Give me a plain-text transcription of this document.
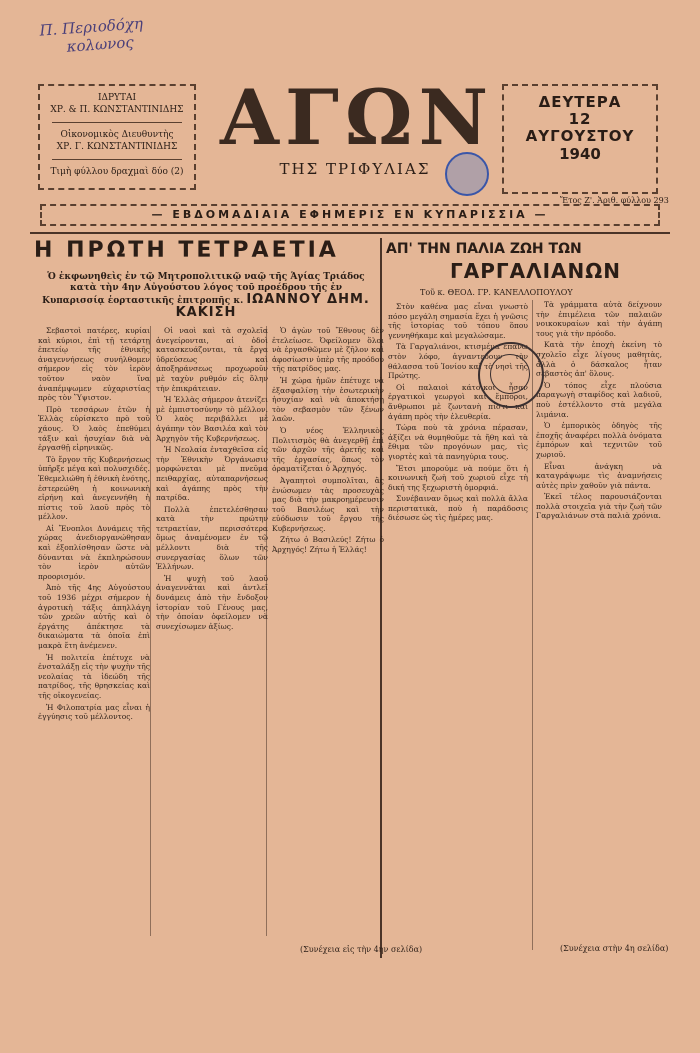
Π. Περιοδόχη
κολωνος
ΙΔΡΥΤΑΙ
ΧΡ. & Π. ΚΩΝΣΤΑΝΤΙΝΙΔΗΣ
Οἰκονομικὸς Διευθυντὴς
ΧΡ. Γ. ΚΩΝΣΤΑΝΤΙΝΙΔΗΣ
Τιμὴ φύλλου δραχμαὶ δύο (2)
ΑΓΩΝ
ΤΗΣ ΤΡΙΦΥΛΙΑΣ
ΔΕΥΤΕΡΑ
12
ΑΥΓΟΥΣΤΟΥ
1940
Ἔτος Ζ'. Ἀριθ. φύλλου 293
— ΕΒΔΟΜΑΔΙΑΙΑ ΕΦΗΜΕΡΙΣ ΕΝ ΚΥΠΑΡΙΣΣΙΑ —
Η ΠΡΩΤΗ ΤΕΤΡΑΕΤΙΑ
Ὁ ἐκφωνηθεὶς ἐν τῷ Μητροπολιτικῷ ναῷ τῆς Ἁγίας Τριάδος κατὰ τὴν 4ην Αὐγούστου λόγος τοῦ προέδρου τῆς ἐν Κυπαρισσίᾳ ἑορταστικῆς ἐπιτροπῆς κ. ΙΩΑΝΝΟΥ ΔΗΜ. ΚΑΚΙΣΗ
ΑΠ' ΤΗΝ ΠΑΛΙΑ ΖΩΗ ΤΩΝ
ΓΑΡΓΑΛΙΑΝΩΝ
Τοῦ κ. ΘΕΟΔ. ΓΡ. ΚΑΝΕΛΛΟΠΟΥΛΟΥ

Σεβαστοὶ πατέρες, κυρίαι καὶ κύριοι, ἐπὶ τῇ τετάρτῃ ἐπετείῳ τῆς ἐθνικῆς ἀναγεννήσεως συνήλθομεν σήμερον εἰς τὸν ἱερὸν τοῦτον ναὸν ἵνα ἀναπέμψωμεν εὐχαριστίας πρὸς τὸν Ὕψιστον.

Πρὸ τεσσάρων ἐτῶν ἡ Ἑλλὰς εὑρίσκετο πρὸ τοῦ χάους. Ὁ λαὸς ἐπεθύμει τάξιν καὶ ἡσυχίαν διὰ νὰ ἐργασθῇ εἰρηνικῶς.

Τὸ ἔργον τῆς Κυβερνήσεως ὑπῆρξε μέγα καὶ πολυσχιδές. Ἐθεμελιώθη ἡ ἐθνικὴ ἑνότης, ἐστερεώθη ἡ κοινωνικὴ εἰρήνη καὶ ἀνεγεννήθη ἡ πίστις τοῦ λαοῦ πρὸς τὸ μέλλον.

Αἱ Ἔνοπλοι Δυνάμεις τῆς χώρας ἀνεδιοργανώθησαν καὶ ἐξοπλίσθησαν ὥστε νὰ δύνανται νὰ ἐκπληρώσουν τὸν ἱερὸν αὐτῶν προορισμόν.

Ἀπὸ τῆς 4ης Αὐγούστου τοῦ 1936 μέχρι σήμερον ἡ ἀγροτικὴ τάξις ἀπηλλάγη τῶν χρεῶν αὐτῆς καὶ ὁ ἐργάτης ἀπέκτησε τὰ δικαιώματα τὰ ὁποῖα ἐπὶ μακρὰ ἔτη ἀνέμενεν.

Ἡ πολιτεία ἐπέτυχε νὰ ἐνσταλάξῃ εἰς τὴν ψυχὴν τῆς νεολαίας τὰ ἰδεώδη τῆς πατρίδος, τῆς θρησκείας καὶ τῆς οἰκογενείας.

Ἡ Φιλοπατρία μας εἶναι ἡ ἐγγύησις τοῦ μέλλοντος.

Οἱ ναοὶ καὶ τὰ σχολεῖα ἀνεγείρονται, αἱ ὁδοὶ κατασκευάζονται, τὰ ἔργα ὑδρεύσεως καὶ ἀποξηράνσεως προχωροῦν μὲ ταχὺν ρυθμόν εἰς ὅλην τὴν ἐπικράτειαν.

Ἡ Ἑλλὰς σήμερον ἀτενίζει μὲ ἐμπιστοσύνην τὸ μέλλον. Ὁ λαὸς περιβάλλει μὲ ἀγάπην τὸν Βασιλέα καὶ τὸν Ἀρχηγὸν τῆς Κυβερνήσεως.

Ἡ Νεολαία ἐνταχθεῖσα εἰς τὴν Ἐθνικὴν Ὀργάνωσιν μορφώνεται μὲ πνεῦμα πειθαρχίας, αὐταπαρνήσεως καὶ ἀγάπης πρὸς τὴν πατρίδα.

Πολλὰ ἐπετελέσθησαν κατὰ τὴν πρώτην τετραετίαν, περισσότερα ὅμως ἀναμένομεν ἐν τῷ μέλλοντι διὰ τῆς συνεργασίας ὅλων τῶν Ἑλλήνων.

Ἡ ψυχὴ τοῦ λαοῦ ἀναγεννᾶται καὶ ἀντλεῖ δυνάμεις ἀπὸ τὴν ἔνδοξον ἱστορίαν τοῦ Γένους μας, τὴν ὁποίαν ὀφείλομεν νὰ συνεχίσωμεν ἀξίως.

Ὁ ἀγὼν τοῦ Ἔθνους δὲν ἐτελείωσε. Ὀφείλομεν ὅλοι νὰ ἐργασθῶμεν μὲ ζῆλον καὶ ἀφοσίωσιν ὑπὲρ τῆς προόδου τῆς πατρίδος μας.

Ἡ χώρα ἡμῶν ἐπέτυχε νὰ ἐξασφαλίσῃ τὴν ἐσωτερικὴν ἡσυχίαν καὶ νὰ ἀποκτήσῃ τὸν σεβασμὸν τῶν ξένων λαῶν.

Ὁ νέος Ἑλληνικὸς Πολιτισμὸς θὰ ἀνεγερθῇ ἐπὶ τῶν ἀρχῶν τῆς ἀρετῆς καὶ τῆς ἐργασίας, ὅπως τὸν ὀραματίζεται ὁ Ἀρχηγός.

Ἀγαπητοὶ συμπολῖται, ἂς ἑνώσωμεν τὰς προσευχὰς μας διὰ τὴν μακροημέρευσιν τοῦ Βασιλέως καὶ τὴν εὐόδωσιν τοῦ ἔργου τῆς Κυβερνήσεως.

Ζήτω ὁ Βασιλεύς! Ζήτω ὁ Ἀρχηγός! Ζήτω ἡ Ἑλλάς!

(Συνέχεια εἰς τὴν 4ην σελίδα)

Στὸν καθένα μας εἶναι γνωστὸ πόσο μεγάλη σημασία ἔχει ἡ γνῶσις τῆς ἱστορίας τοῦ τόπου ὅπου γεννηθήκαμε καὶ μεγαλώσαμε.

Τὰ Γαργαλιάνοι, κτισμένα ἐπάνω στὸν λόφο, ἀγναντεύουν τὴν θάλασσα τοῦ Ἰονίου καὶ τὸ νησὶ τῆς Πρώτης.

Οἱ παλαιοὶ κάτοικοι ἦσαν ἐργατικοὶ γεωργοὶ καὶ ἔμποροι, ἄνθρωποι μὲ ζωντανὴ πίστι καὶ ἀγάπη πρὸς τὴν ἐλευθερία.

Τώρα ποὺ τὰ χρόνια πέρασαν, ἀξίζει νὰ θυμηθοῦμε τὰ ἤθη καὶ τὰ ἔθιμα τῶν προγόνων μας, τὶς γιορτὲς καὶ τὰ πανηγύρια τους.

Ἔτσι μπορούμε νὰ πούμε ὅτι ἡ κοινωνικὴ ζωὴ τοῦ χωριοῦ εἶχε τὴ δική της ξεχωριστὴ ὀμορφιά.

Συνέβαιναν ὅμως καὶ πολλὰ ἄλλα περιστατικὰ, ποὺ ἡ παράδοσις διέσωσε ὡς τὶς ἡμέρες μας.

Τὰ γράμματα αὐτὰ δείχνουν τὴν ἐπιμέλεια τῶν παλαιῶν νοικοκυραίων καὶ τὴν ἀγάπη τους γιὰ τὴν πρόοδο.

Κατὰ τὴν ἐποχὴ ἐκείνη τὸ σχολεῖο εἶχε λίγους μαθητὰς, ἀλλὰ ὁ δάσκαλος ἦταν σεβαστὸς ἀπ' ὅλους.

Ὁ τόπος εἶχε πλούσια παραγωγὴ σταφίδος καὶ λαδιοῦ, ποὺ ἐστέλλοντο στὰ μεγάλα λιμάνια.

Ὁ ἐμπορικὸς ὁδηγὸς τῆς ἐποχῆς ἀναφέρει πολλὰ ὀνόματα ἐμπόρων καὶ τεχνιτῶν τοῦ χωριοῦ.

Εἶναι ἀνάγκη νὰ καταγράψωμε τὶς ἀναμνήσεις αὐτὲς πρὶν χαθοῦν γιὰ πάντα.

Ἐκεῖ τέλος παρουσιάζονται πολλὰ στοιχεῖα γιὰ τὴν ζωὴ τῶν Γαργαλιάνων στὰ παλιὰ χρόνια.

(Συνέχεια στὴν 4η σελίδα)
